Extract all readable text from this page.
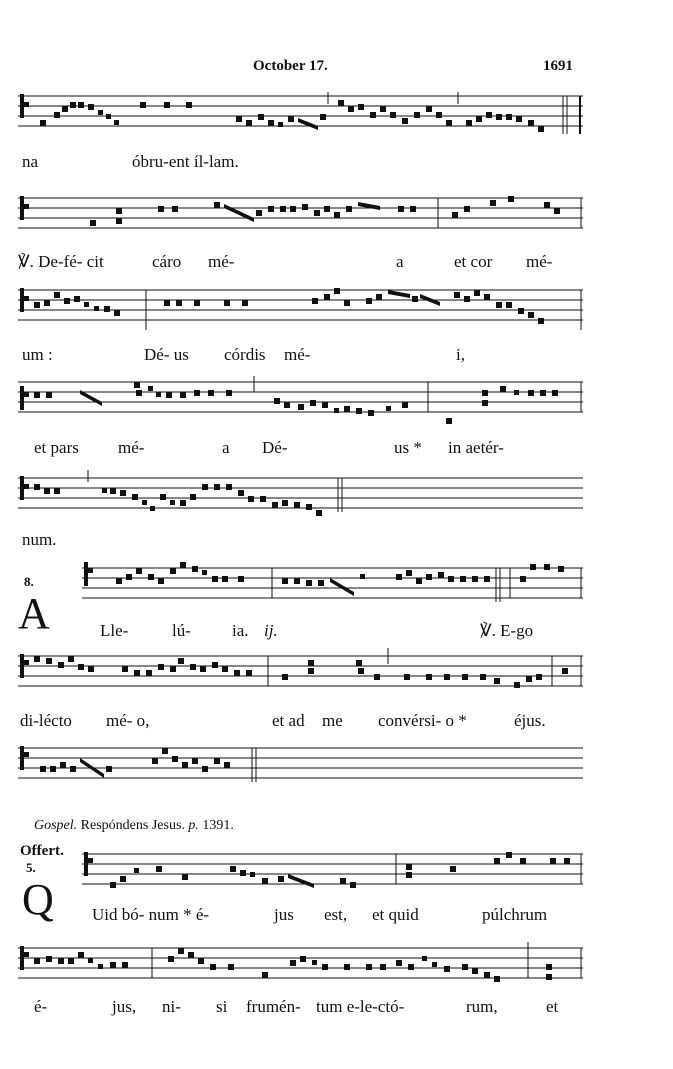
October 17.	1691
na	óbru-ent íl-lam.
℣. De-fé- cit	cáro mé-	a	et cor mé-
um :	Dé- us córdis mé-	i,
et pars mé-	a Dé-	us * in aetér-
num.
8.
A	Lle-	lú- ia. ij.	℣. E-go
di-lécto mé- o,	et ad me convérsi- o *	éjus.
Gospel. Respóndens Jesus. p. 1391.
Offert.
5.
Q Uid bó- num * é-	jus est, et quid	púlchrum
é-	jus, ni- si frumén- tum e-le-ctó-	rum,	et
